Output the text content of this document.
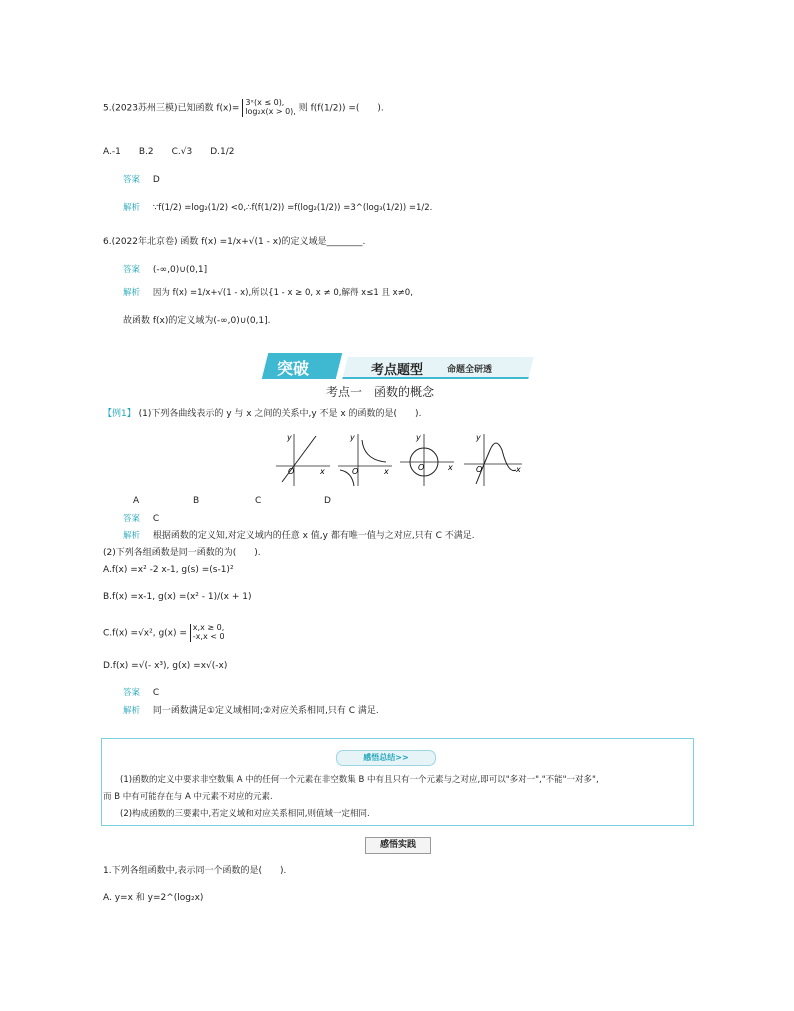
5.(2023苏州三模)已知函数 f(x)=
3ˣ(x ≤ 0),
log₂x(x > 0), 则 f(f(1/2)) =(　　).
A.-1　　B.2　　C.√3　　D.1/2
答案 D
解析 ∵f(1/2) =log₂(1/2) <0,∴f(f(1/2)) =f(log₂(1/2)) =3^(log₃(1/2)) =1/2.
6.(2022年北京卷) 函数 f(x) =1/x+√(1 - x)的定义域是________.
答案 (-∞,0)∪(0,1]
解析 因为 f(x) =1/x+√(1 - x),所以{1 - x ≥ 0, x ≠ 0,解得 x≤1 且 x≠0,
故函数 f(x)的定义域为(-∞,0)∪(0,1].
突破	考点题型	命题全研透
考点一　函数的概念
【例1】 (1)下列各曲线表示的 y 与 x 之间的关系中,y 不是 x 的函数的是(　　).
y
x
O
y
x
O
y
x
O
y
x
O
A	B	C	D
答案 C
解析 根据函数的定义知,对定义域内的任意 x 值,y 都有唯一值与之对应,只有 C 不满足.
(2)下列各组函数是同一函数的为(　　).
A.f(x) =x² -2 x-1, g(s) =(s-1)²
B.f(x) =x-1, g(x) =(x² - 1)/(x + 1)
C.f(x) =√x², g(x) =
x,x ≥ 0,
-x,x < 0
D.f(x) =√(- x³), g(x) =x√(-x)
答案 C
解析 同一函数满足①定义域相同;②对应关系相同,只有 C 满足.
感悟总结>>
(1)函数的定义中要求非空数集 A 中的任何一个元素在非空数集 B 中有且只有一个元素与之对应,即可以"多对一","不能"一对多",
而 B 中有可能存在与 A 中元素不对应的元素.
(2)构成函数的三要素中,若定义域和对应关系相同,则值域一定相同.
感悟实践
1.下列各组函数中,表示同一个函数的是(　　).
A. y=x 和 y=2^(log₂x)
